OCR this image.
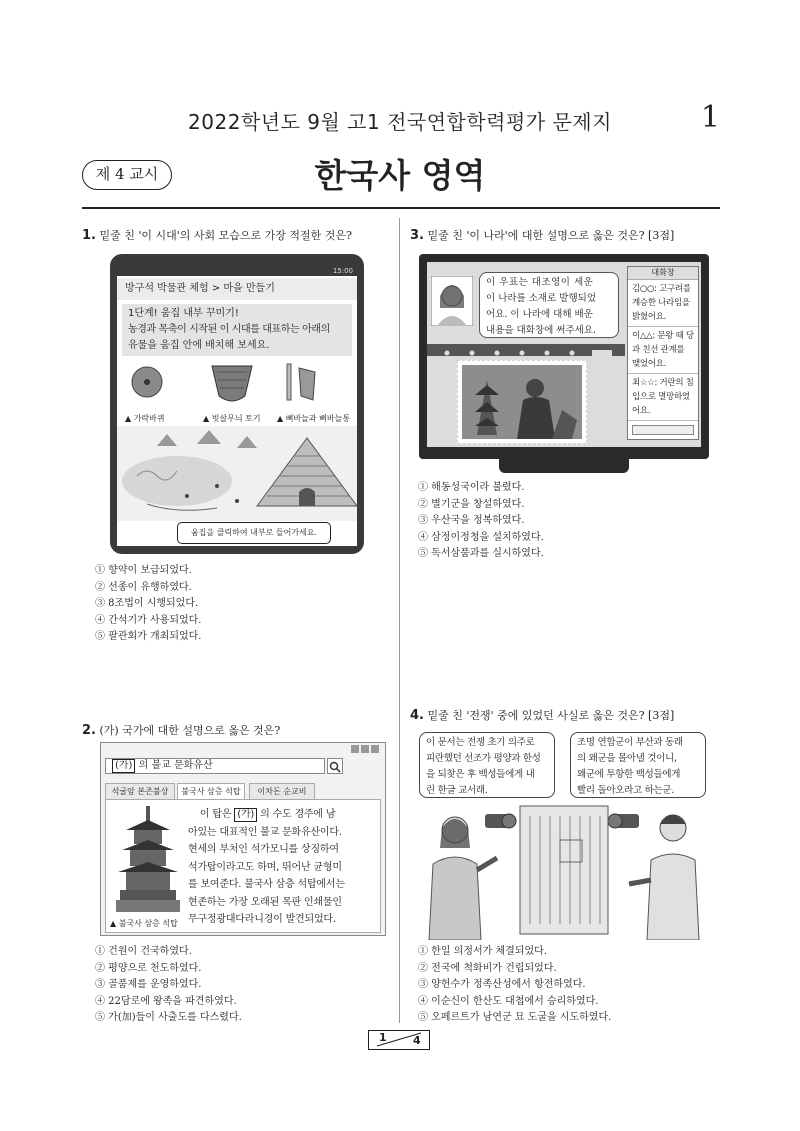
2022학년도 9월 고1 전국연합학력평가 문제지	1
제 4 교시	한국사 영역
1. 밑줄 친 '이 시대'의 사회 모습으로 가장 적절한 것은?
15:00
방구석 박물관 체험 > 마을 만들기
1단계! 움집 내부 꾸미기!
농경과 목축이 시작된 이 시대를 대표하는 아래의
유물을 움집 안에 배치해 보세요.
▲ 가락바퀴	▲ 빗살무늬 토기 ▲ 뼈바늘과 뼈바늘통
움집을 클릭하여 내부로 들어가세요.
① 향약이 보급되었다.
② 선종이 유행하였다.
③ 8조법이 시행되었다.
④ 간석기가 사용되었다.
⑤ 팔관회가 개최되었다.
2. (가) 국가에 대한 설명으로 옳은 것은?
(가) 의 불교 문화유산
석굴암 본존불상	불국사 삼층 석탑	이차돈 순교비
▲ 불국사 삼층 석탑
이 탑은 (가) 의 수도 경주에 남
아있는 대표적인 불교 문화유산이다.
현세의 부처인 석가모니를 상징하여
석가탑이라고도 하며, 뛰어난 균형미
를 보여준다. 불국사 삼층 석탑에서는
현존하는 가장 오래된 목판 인쇄물인
무구정광대다라니경이 발견되었다.
① 건원이 건국하였다.
② 평양으로 천도하였다.
③ 골품제를 운영하였다.
④ 22담로에 왕족을 파견하였다.
⑤ 가(加)들이 사출도를 다스렸다.
3. 밑줄 친 '이 나라'에 대한 설명으로 옳은 것은? [3점]
이 우표는 대조영이 세운
이 나라를 소재로 발행되었
어요. 이 나라에 대해 배운
내용을 대화창에 써주세요.
대화창
김○○: 고구려를 계승한 나라임을 밝혔어요.
이△△: 문왕 때 당과 친선 관계를 맺었어요.
최☆☆: 거란의 침입으로 멸망하였어요.
① 해동성국이라 불렸다.
② 별기군을 창설하였다.
③ 우산국을 정복하였다.
④ 삼정이정청을 설치하였다.
⑤ 독서삼품과를 실시하였다.
4. 밑줄 친 '전쟁' 중에 있었던 사실로 옳은 것은? [3점]
이 문서는 전쟁 초기 의주로
피란했던 선조가 평양과 한성
을 되찾은 후 백성들에게 내
린 한글 교서래.
조명 연합군이 부산과 동래
의 왜군을 몰아낼 것이니,
왜군에 투항한 백성들에게
빨리 돌아오라고 하는군.
① 한일 의정서가 체결되었다.
② 전국에 척화비가 건립되었다.
③ 양헌수가 정족산성에서 항전하였다.
④ 이순신이 한산도 대첩에서 승리하였다.
⑤ 오페르트가 남연군 묘 도굴을 시도하였다.
1 4
